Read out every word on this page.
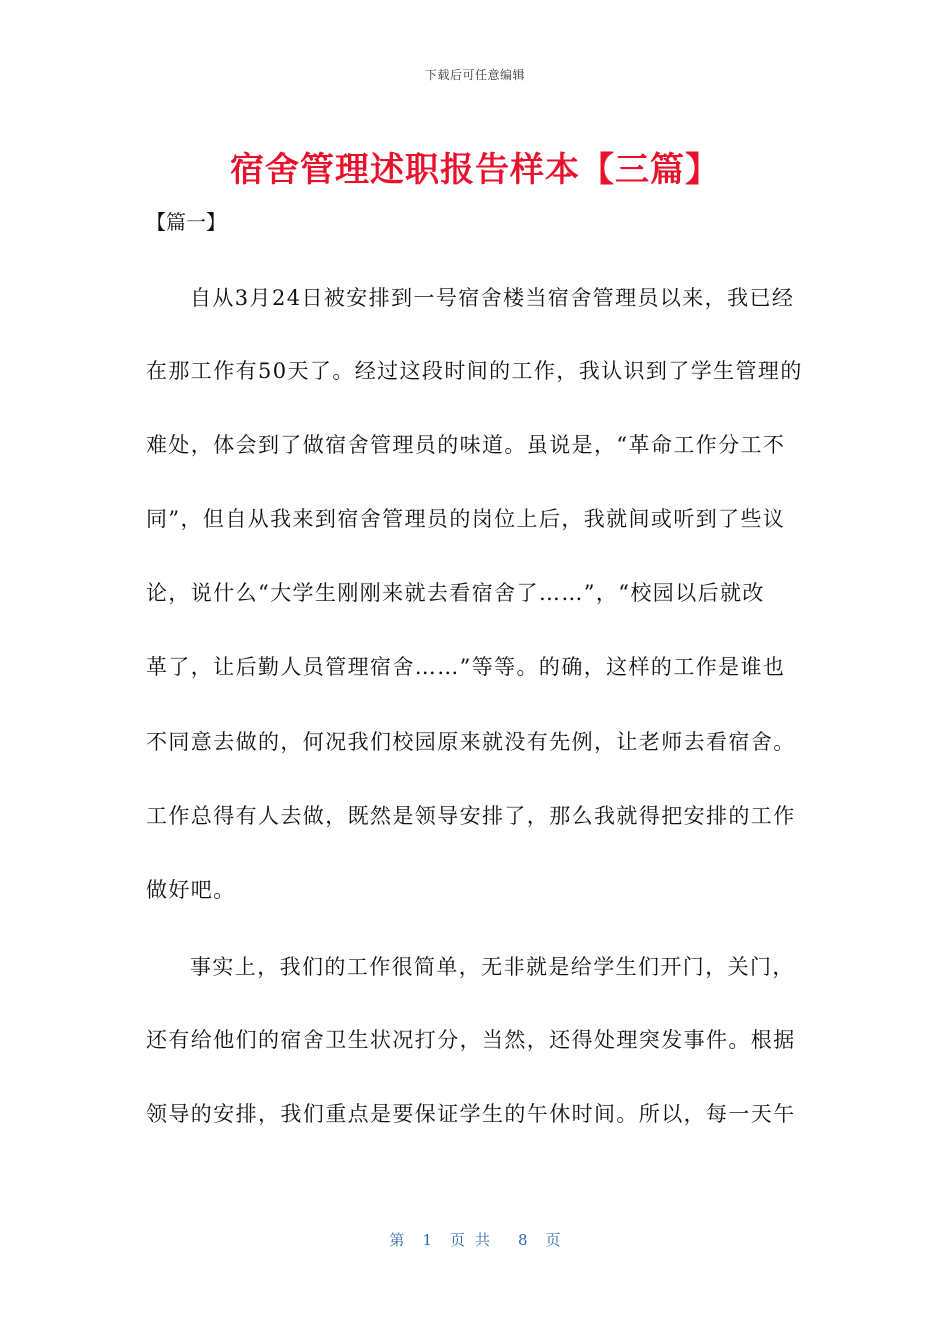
下载后可任意编辑
宿舍管理述职报告样本【三篇】

【篇一】

自从3月24日被安排到一号宿舍楼当宿舍管理员以来，我已经

在那工作有50天了。经过这段时间的工作，我认识到了学生管理的

难处，体会到了做宿舍管理员的味道。虽说是，“革命工作分工不

同”，但自从我来到宿舍管理员的岗位上后，我就间或听到了些议

论，说什么“大学生刚刚来就去看宿舍了……”，“校园以后就改

革了，让后勤人员管理宿舍……”等等。的确，这样的工作是谁也

不同意去做的，何况我们校园原来就没有先例，让老师去看宿舍。

工作总得有人去做，既然是领导安排了，那么我就得把安排的工作

做好吧。

事实上，我们的工作很简单，无非就是给学生们开门，关门，

还有给他们的宿舍卫生状况打分，当然，还得处理突发事件。根据

领导的安排，我们重点是要保证学生的午休时间。所以，每一天午

第 1 页共 8 页
